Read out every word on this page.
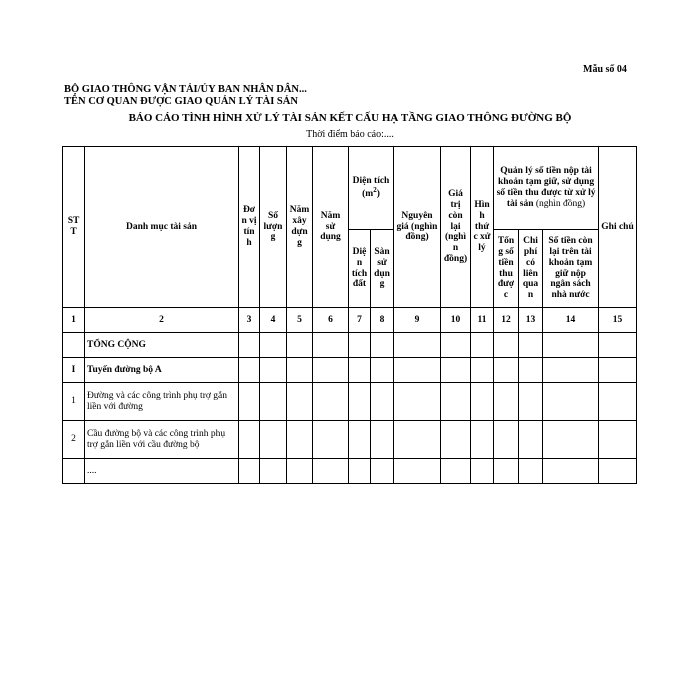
Mẫu số 04
BỘ GIAO THÔNG VẬN TẢI/ỦY BAN NHÂN DÂN...
TÊN CƠ QUAN ĐƯỢC GIAO QUẢN LÝ TÀI SẢN
BÁO CÁO TÌNH HÌNH XỬ LÝ TÀI SẢN KẾT CẤU HẠ TẦNG GIAO THÔNG ĐƯỜNG BỘ
Thời điểm báo cáo:....
STT	Danh mục tài sản	Đơn vị tính	Số lượng	Năm xây dựng	Năm sử dụng	Diện tích $(m^2)$		Nguyên giá (nghìn đồng)	Giá trị còn lại (nghìn đồng)	Hình thức xử lý	Quản lý số tiền nộp tài khoản tạm giữ, sử dụng số tiền thu được từ xử lý tài sản (nghìn đồng)			Ghi chú
						Diện tích đất	Sàn sử dụng				Tổng số tiền thu được	Chi phí có liên quan	Số tiền còn lại trên tài khoản tạm giữ nộp ngân sách nhà nước	
1	2	3	4	5	6	7	8	9	10	11	12	13	14	15
	TỔNG CỘNG													
I	Tuyến đường bộ A													
1	Đường và các công trình phụ trợ gắn liền với đường													
2	Cầu đường bộ và các công trình phụ trợ gắn liền với cầu đường bộ													
	....													
